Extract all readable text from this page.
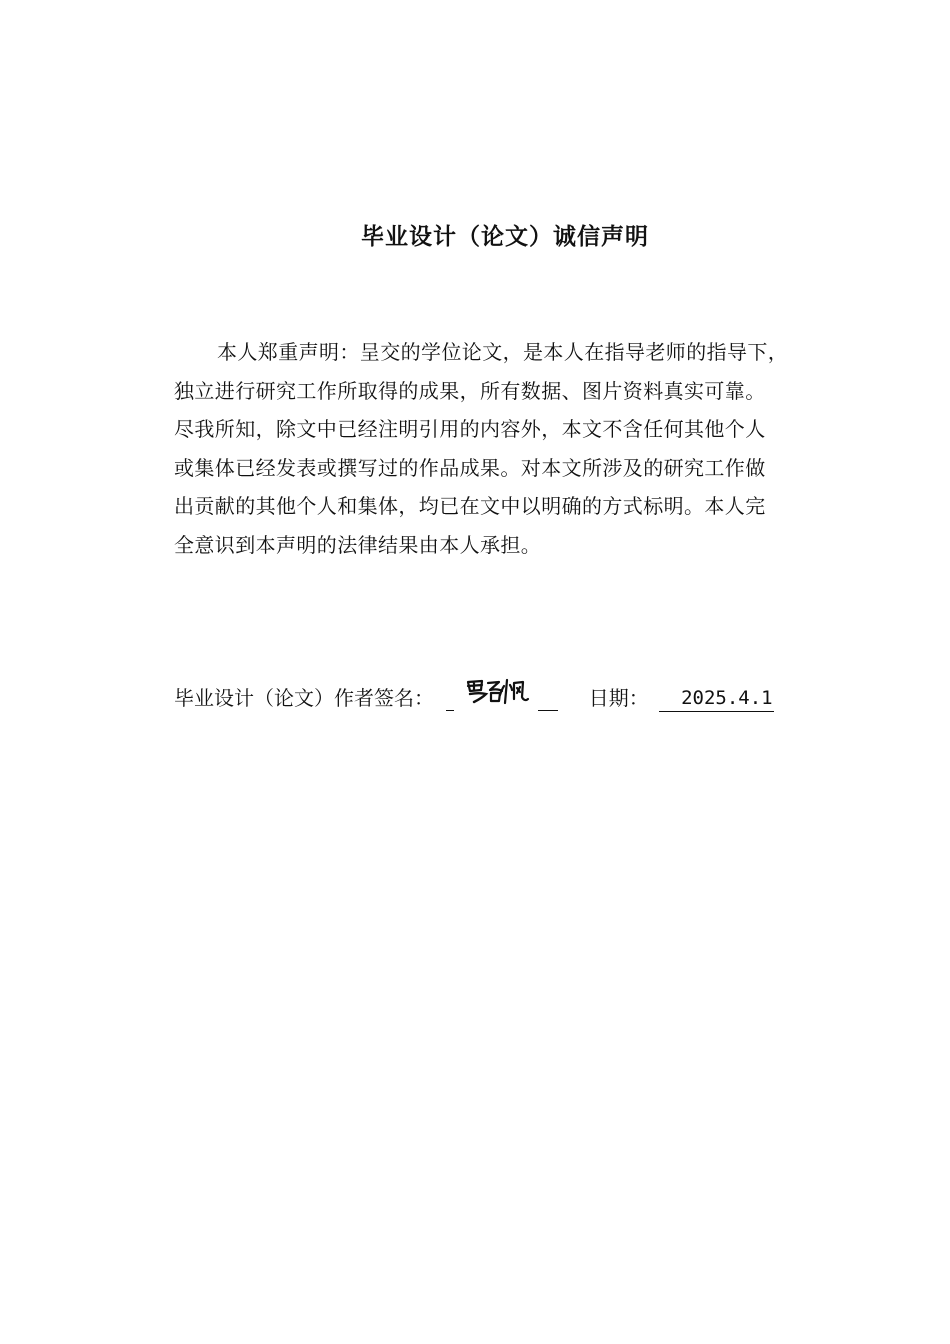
毕业设计（论文）诚信声明
本人郑重声明：呈交的学位论文，是本人在指导老师的指导下，
独立进行研究工作所取得的成果，所有数据、图片资料真实可靠。
尽我所知，除文中已经注明引用的内容外，本文不含任何其他个人
或集体已经发表或撰写过的作品成果。对本文所涉及的研究工作做
出贡献的其他个人和集体，均已在文中以明确的方式标明。本人完
全意识到本声明的法律结果由本人承担。
毕业设计（论文）作者签名：	日期： 2025.4.1
